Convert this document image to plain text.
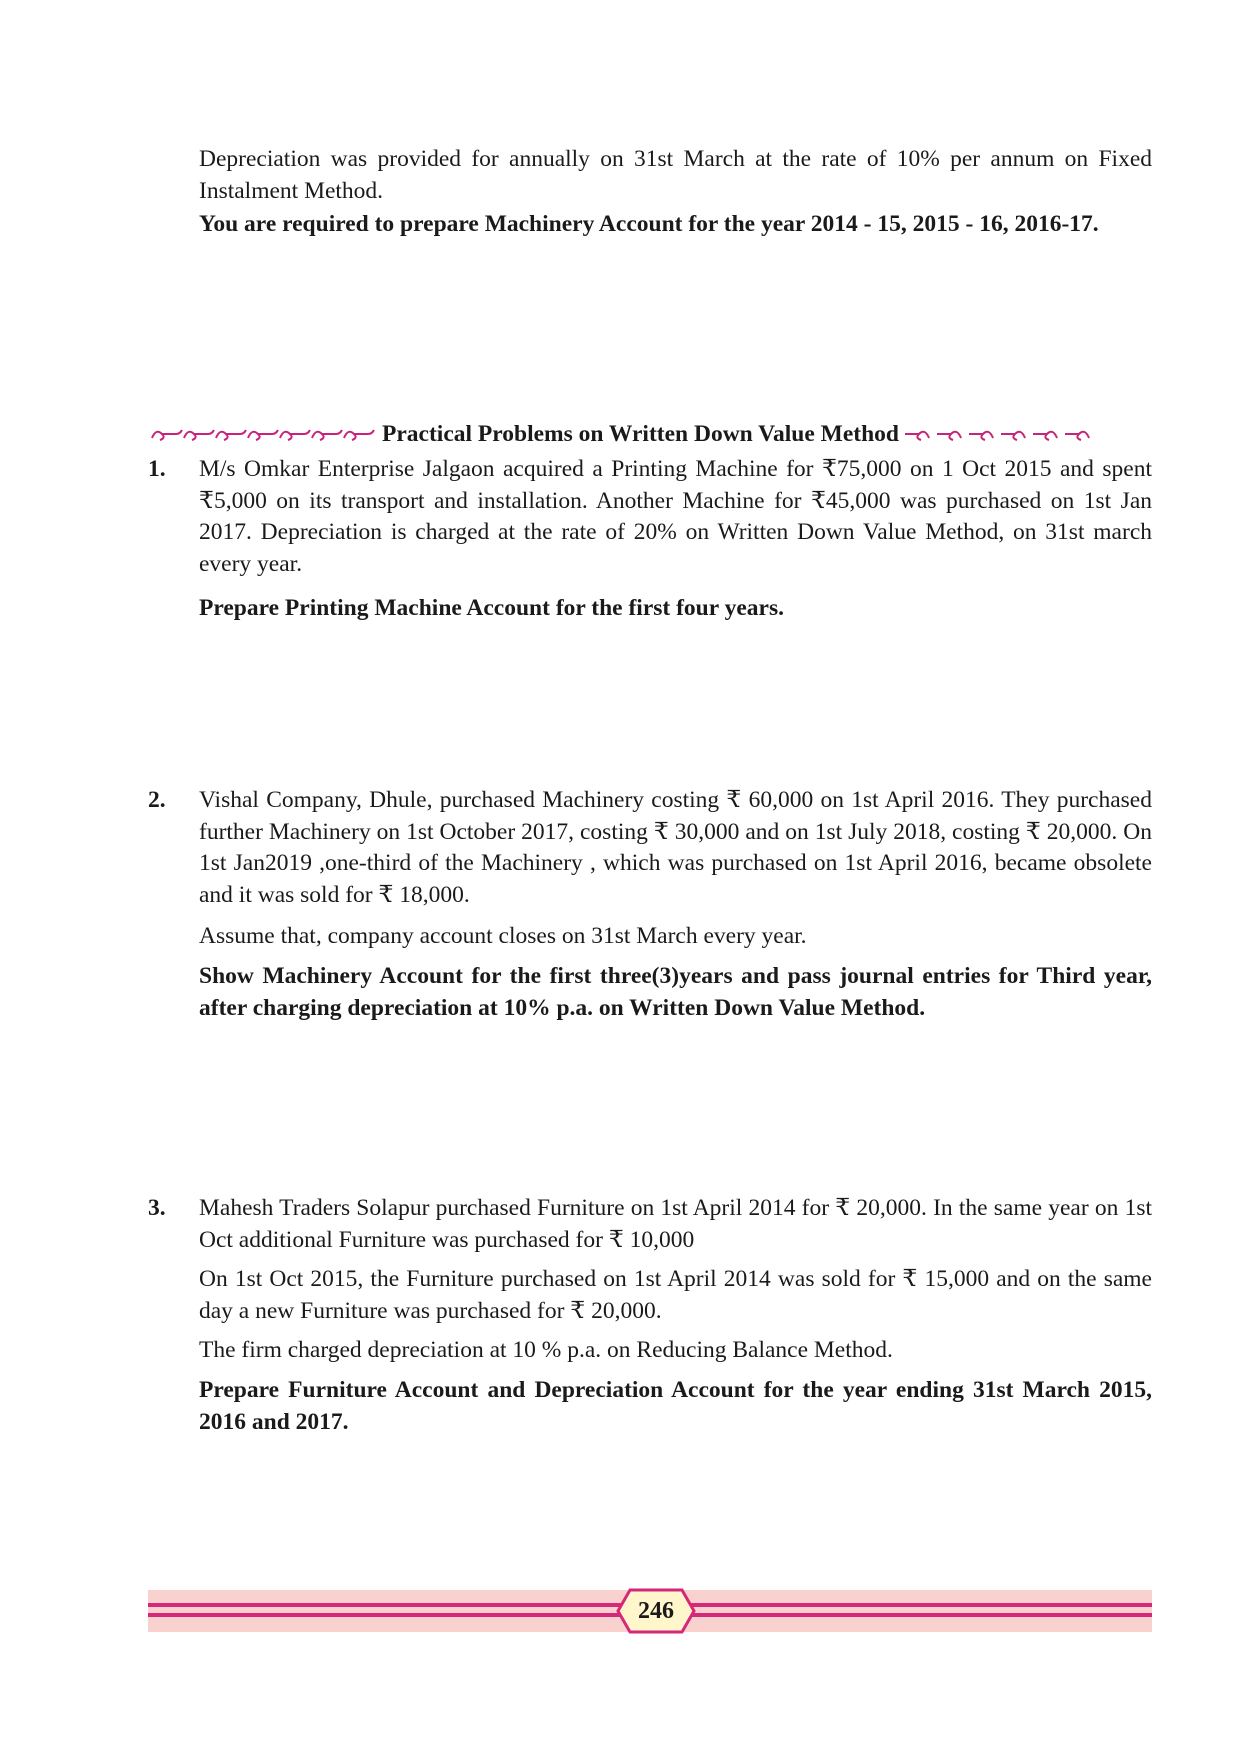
Depreciation was provided for annually on 31st March at the rate of 10% per annum on Fixed Instalment Method.

You are required to prepare Machinery Account for the year 2014 - 15, 2015 - 16, 2016-17.

Practical Problems on Written Down Value Method
1. M/s Omkar Enterprise Jalgaon acquired a Printing Machine for ₹75,000 on 1 Oct 2015 and spent ₹5,000 on its transport and installation. Another Machine for ₹45,000 was purchased on 1st Jan 2017. Depreciation is charged at the rate of 20% on Written Down Value Method, on 31st march every year.

Prepare Printing Machine Account for the first four years.

2. Vishal Company, Dhule, purchased Machinery costing ₹ 60,000 on 1st April 2016. They purchased further Machinery on 1st October 2017, costing ₹ 30,000 and on 1st July 2018, costing ₹ 20,000. On 1st Jan2019 ,one-third of the Machinery , which was purchased on 1st April 2016, became obsolete and it was sold for ₹ 18,000.

Assume that, company account closes on 31st March every year.

Show Machinery Account for the first three(3)years and pass journal entries for Third year, after charging depreciation at 10% p.a. on Written Down Value Method.

3. Mahesh Traders Solapur purchased Furniture on 1st April 2014 for ₹ 20,000. In the same year on 1st Oct additional Furniture was purchased for ₹ 10,000

On 1st Oct 2015, the Furniture purchased on 1st April 2014 was sold for ₹ 15,000 and on the same day a new Furniture was purchased for ₹ 20,000.

The firm charged depreciation at 10 % p.a. on Reducing Balance Method.

Prepare Furniture Account and Depreciation Account for the year ending 31st March 2015, 2016 and 2017.

246
